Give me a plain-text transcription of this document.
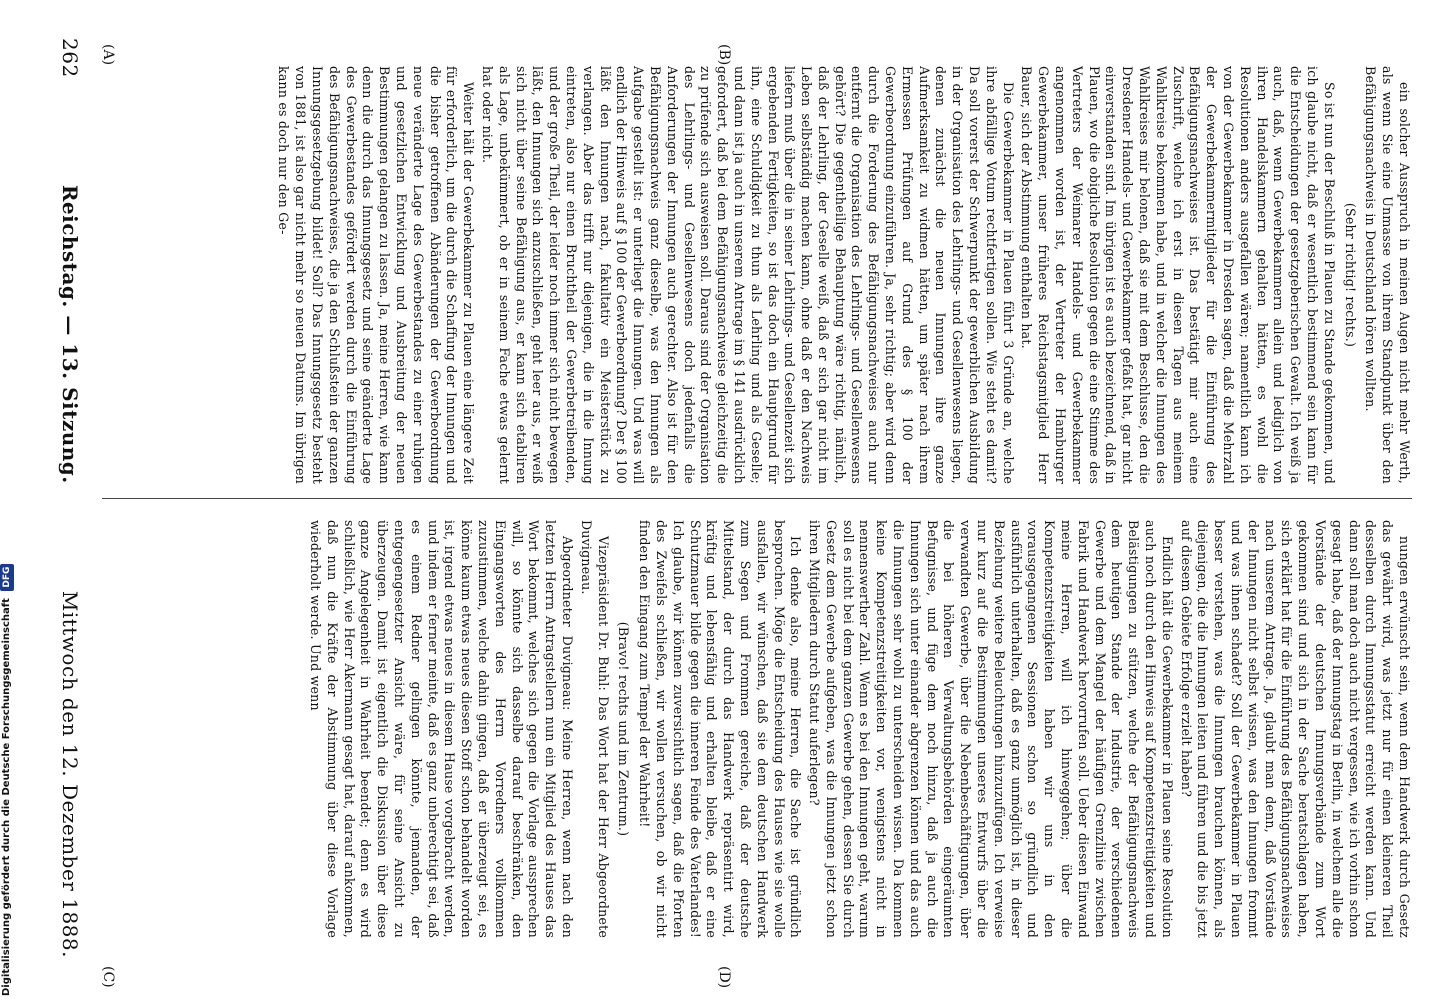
262
Reichstag. — 13. Sitzung.
Mittwoch den 12. Dezember 1888.
(A)	(B)
(C)	(D)

ein solcher Ausspruch in meinen Augen nicht mehr Werth, als wenn Sie eine Unmasse von ihrem Standpunkt über den Befähigungsnachweis in Deutschland hören wollten.

(Sehr richtig! rechts.)

So ist nun der Beschluß in Plauen zu Stande gekommen, und ich glaube nicht, daß er wesentlich bestimmend sein kann für die Entscheidungen der gesetzgeberischen Gewalt. Ich weiß ja auch, daß, wenn Gewerbekammern allein und lediglich von ihren Handelskammern gehalten hätten, es wohl die Resolutionen anders ausgefallen wären; namentlich kann ich von der Gewerbekammer in Dresden sagen, daß die Mehrzahl der Gewerbekammermitglieder für die Einführung des Befähigungsnachweises ist. Das bestätigt mir auch eine Zuschrift, welche ich erst in diesen Tagen aus meinem Wahlkreise bekommen habe, und in welcher die Innungen des Wahlkreises mir belonen, daß sie mit dem Beschlusse, den die Dresdener Handels- und Gewerbekammer gefaßt hat, gar nicht einverstanden sind. Im übrigen ist es auch bezeichnend, daß in Plauen, wo die obigliche Resolution gegen die eine Stimme des Vertreters der Weimarer Handels- und Gewerbekammer angenommen worden ist, der Vertreter der Hamburger Gewerbekammer, unser früheres Reichstagsmitglied Herr Bauer, sich der Abstimmung enthalten hat.

Die Gewerbekammer in Plauen führt 3 Gründe an, welche ihre abfällige Votum rechtfertigen sollen. Wie steht es damit? Da soll vorerst der Schwerpunkt der gewerblichen Ausbildung in der Organisation des Lehrlings- und Gesellenwesens liegen, denen zunächst die neuen Innungen ihre ganze Aufmerksamkeit zu widmen hätten, um später nach ihrem Ermessen Prüfungen auf Grund des § 100 der Gewerbeordnung einzuführen. Ja, sehr richtig; aber wird denn durch die Forderung des Befähigungsnachweises auch nur entfernt die Organisation des Lehrlings- und Gesellenwesens gehört? Die gegentheilige Behauptung wäre richtig, nämlich, daß der Lehrling, der Geselle weiß, daß er sich gar nicht im Leben selbständig machen kann, ohne daß er den Nachweis liefern muß über die in seiner Lehrlings- und Gesellenzeit sich ergebenden Fertigkeiten, so ist das doch ein Hauptgrund für ihn, eine Schuldigkeit zu thun als Lehrling und als Geselle; und dann ist ja auch in unserem Antrage im § 141 ausdrücklich gefordert, daß bei dem Befähigungsnachweise gleichzeitig die zu prüfende sich ausweisen soll. Daraus sind der Organisation des Lehrlings- und Gesellenwesens doch jedenfalls die Anforderungen der Innungen auch gerechter. Also ist für den Befähigungsnachweis ganz dieselbe, was den Innungen als Aufgabe gestellt ist: er unterliegt die Innungen. Und was will endlich der Hinweis auf § 100 der Gewerbeordnung? Der § 100 läßt den Innungen nach, fakultativ ein Meisterstück zu verlangen. Aber das trifft nur diejenigen, die in die Innung eintreten, also nur einen Bruchtheil der Gewerbetreibenden, und der große Theil, der leider noch immer sich nicht bewegen läßt, den Innungen sich anzuschließen, geht leer aus, er weiß sich nicht über seine Befähigung aus, er kann sich etabliren als Lage, unbekümmert, ob er in seinem Fache etwas gelernt hat oder nicht.

Weiter hält der Gewerbekammer zu Plauen eine längere Zeit für erforderlich, um die durch die Schaffung der Innungen und die bisher getroffenen Abänderungen der Gewerbeordnung neue veränderte Lage des Gewerbestandes zu einer ruhigen und gesetzlichen Entwicklung und Ausbreitung der neuen Bestimmungen gelangen zu lassen. Ja, meine Herren, wie kann denn die durch das Innungsgesetz und seine geänderte Lage des Gewerbestandes gefördert werden durch die Einführung des Befähigungsnachweises, die ja den Schlußstein der ganzen Innungsgesetzgebung bildet! Soll? Das Innungsgesetz besteht von 1881, ist also gar nicht mehr so neuen Datums. Im übrigen kann es doch nur den Ge-

nungen erwünscht sein, wenn dem Handwerk durch Gesetz das gewährt wird, was jetzt nur für einen kleineren Theil desselben durch Innungsstatut erreicht werden kann. Und dann soll man doch auch nicht vergessen, wie ich vorhin schon gesagt habe, daß der Innungstag in Berlin, in welchem alle die Vorstände der deutschen Innungsverbände zum Wort gekommen sind und sich in der Sache beratschlagen haben, sich erklärt hat für die Einführung des Befähigungsnachweises nach unserem Antrage. Ja, glaubt man denn, daß Vorstände der Innungen nicht selbst wissen, was den Innungen frommt und was ihnen schadet? Soll der Gewerbekammer in Plauen besser verstehen, was die Innungen brauchen können, als diejenigen, die die Innungen leiten und führen und die bis jetzt auf diesem Gebiete Erfolge erzielt haben?

Endlich hält die Gewerbekammer in Plauen seine Resolution auch noch durch den Hinweis auf Kompetenzstreitigkeiten und Belästigungen zu stützen, welche der Befähigungsnachweis dem heutigen Stande der Industrie, der verschiedenen Gewerbe und dem Mangel der häufigen Grenzlinie zwischen Fabrik und Handwerk hervorrufen soll. Ueber diesen Einwand meine Herren, will ich hinweggehen; über die Kompetenzstreitigkeiten haben wir uns in den vorausgegangenen Sessionen schon so gründlich und ausführlich unterhalten, daß es ganz unmöglich ist, in dieser Beziehung weitere Beleuchtungen hinzuzufügen. Ich verweise nur kurz auf die Bestimmungen unseres Entwurfs über die verwandten Gewerbe, über die Nebenbeschäftigungen, über die bei höheren Verwaltungsbehörden eingeräumten Befugnisse, und füge dem noch hinzu, daß ja auch die Innungen sich unter einander abgrenzen können und das auch die Innungen sehr wohl zu unterscheiden wissen. Da kommen keine Kompetenzstreitigkeiten vor, wenigstens nicht in nennenswerther Zahl. Wenn es bei den Innungen geht, warum soll es nicht bei dem ganzen Gewerbe gehen, dessen Sie durch Gesetz dem Gewerbe aufgeben, was die Innungen jetzt schon ihren Mitgliedern durch Statut auferlegen?

Ich denke also, meine Herren, die Sache ist gründlich besprochen. Möge die Entscheidung des Hauses wie sie wolle ausfallen, wir wünschen, daß sie dem deutschen Handwerk zum Segen und Frommen gereiche, daß der deutsche Mittelstand, der durch das Handwerk repräsentirt wird, kräftig und lebensfähig und erhalten bleibe, daß er eine Schutzmauer bilde gegen die inneren Feinde des Vaterlandes! Ich glaube, wir können zuversichtlich sagen, daß die Pforten des Zweifels schließen, wir wollen versuchen, ob wir nicht finden den Eingang zum Tempel der Wahrheit!

(Bravo! rechts und im Zentrum.)

Vizepräsident Dr. Buhl: Das Wort hat der Herr Abgeordnete Duvigneau.

Abgeordneter Duvigneau: Meine Herren, wenn nach den letzten Herrn Antragstellern nun ein Mitglied des Hauses das Wort bekommt, welches sich gegen die Vorlage aussprechen will, so könnte sich dasselbe darauf beschränken, den Eingangsworten des Herrn Vorredners vollkommen zuzustimmen, welche dahin gingen, daß er überzeugt sei, es könne kaum etwas neues diesen Stoff schon behandelt worden ist, irgend etwas neues in diesem Hause vorgebracht werden, und indem er ferner meinte, daß es ganz unberechtigt sei, daß es einem Redner gelingen könnte, jemanden, der entgegengesetzter Ansicht wäre, für seine Ansicht zu überzeugen. Damit ist eigentlich die Diskussion über diese ganze Angelegenheit in Wahrheit beendet; denn es wird schließlich, wie Herr Akermann gesagt hat, darauf ankommen, daß nun die Kräfte der Abstimmung über diese Vorlage wiederholt werde. Und wenn

Digitalisierung gefördert durch die Deutsche Forschungsgemeinschaft DFG
